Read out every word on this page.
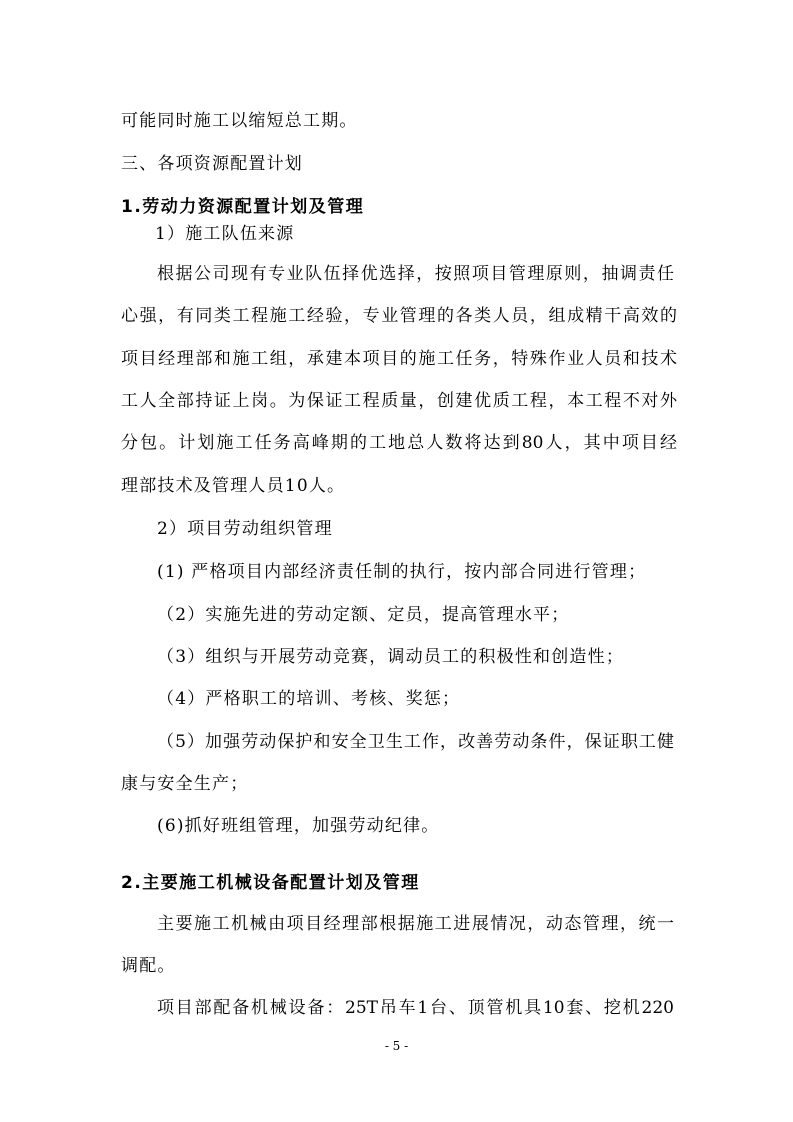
可能同时施工以缩短总工期。
三、各项资源配置计划
1.劳动力资源配置计划及管理
1）施工队伍来源
根据公司现有专业队伍择优选择，按照项目管理原则，抽调责任
心强，有同类工程施工经验，专业管理的各类人员，组成精干高效的
项目经理部和施工组，承建本项目的施工任务，特殊作业人员和技术
工人全部持证上岗。为保证工程质量，创建优质工程，本工程不对外
分包。计划施工任务高峰期的工地总人数将达到80人，其中项目经
理部技术及管理人员10人。
2）项目劳动组织管理
(1) 严格项目内部经济责任制的执行，按内部合同进行管理；
（2）实施先进的劳动定额、定员，提高管理水平；
（3）组织与开展劳动竞赛，调动员工的积极性和创造性；
（4）严格职工的培训、考核、奖惩；
（5）加强劳动保护和安全卫生工作，改善劳动条件，保证职工健
康与安全生产；
(6)抓好班组管理，加强劳动纪律。
2.主要施工机械设备配置计划及管理
主要施工机械由项目经理部根据施工进展情况，动态管理，统一
调配。
项目部配备机械设备：25T吊车1台、顶管机具10套、挖机220
- 5 -
